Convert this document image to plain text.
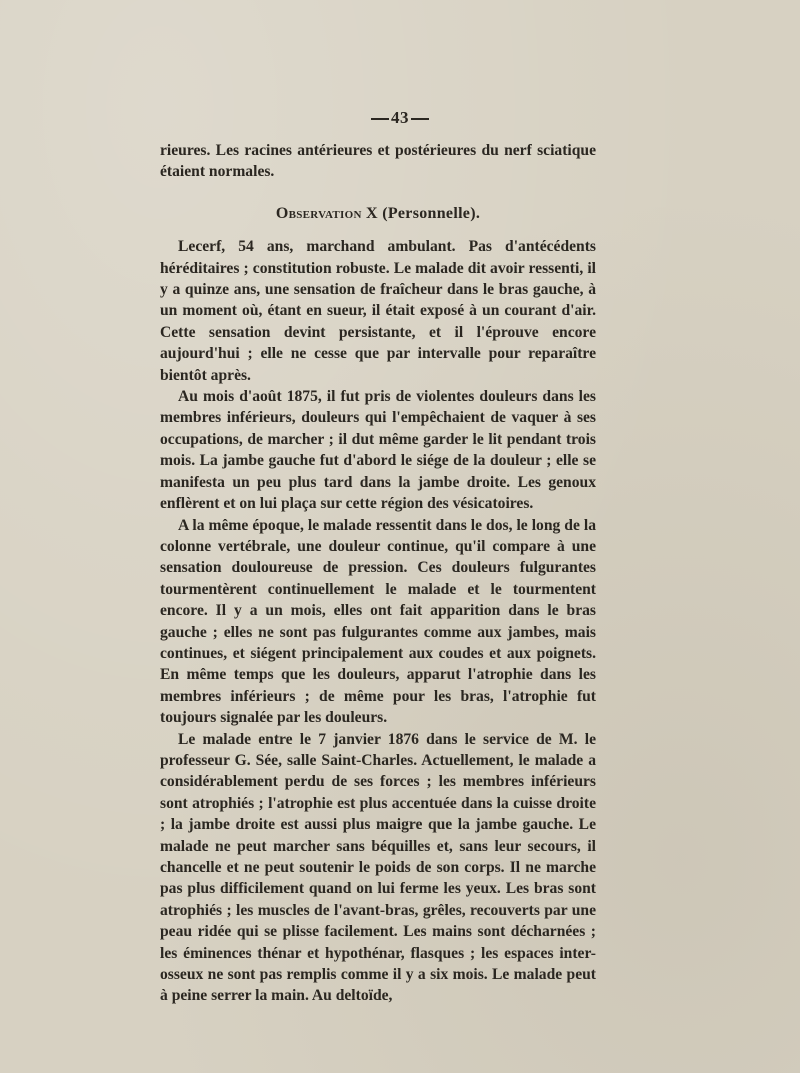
43

rieures. Les racines antérieures et postérieures du nerf sciatique étaient normales.

Observation X (Personnelle).

Lecerf, 54 ans, marchand ambulant. Pas d'antécédents héréditaires ; constitution robuste. Le malade dit avoir ressenti, il y a quinze ans, une sensation de fraîcheur dans le bras gauche, à un moment où, étant en sueur, il était exposé à un courant d'air. Cette sensation devint persistante, et il l'éprouve encore aujourd'hui ; elle ne cesse que par intervalle pour reparaître bientôt après.

Au mois d'août 1875, il fut pris de violentes douleurs dans les membres inférieurs, douleurs qui l'empêchaient de vaquer à ses occupations, de marcher ; il dut même garder le lit pendant trois mois. La jambe gauche fut d'abord le siége de la douleur ; elle se manifesta un peu plus tard dans la jambe droite. Les genoux enflèrent et on lui plaça sur cette région des vésicatoires.

A la même époque, le malade ressentit dans le dos, le long de la colonne vertébrale, une douleur continue, qu'il compare à une sensation douloureuse de pression. Ces douleurs fulgurantes tourmentèrent continuellement le malade et le tourmentent encore. Il y a un mois, elles ont fait apparition dans le bras gauche ; elles ne sont pas fulgurantes comme aux jambes, mais continues, et siégent principalement aux coudes et aux poignets. En même temps que les douleurs, apparut l'atrophie dans les membres inférieurs ; de même pour les bras, l'atrophie fut toujours signalée par les douleurs.

Le malade entre le 7 janvier 1876 dans le service de M. le professeur G. Sée, salle Saint-Charles. Actuellement, le malade a considérablement perdu de ses forces ; les membres inférieurs sont atrophiés ; l'atrophie est plus accentuée dans la cuisse droite ; la jambe droite est aussi plus maigre que la jambe gauche. Le malade ne peut marcher sans béquilles et, sans leur secours, il chancelle et ne peut soutenir le poids de son corps. Il ne marche pas plus difficilement quand on lui ferme les yeux. Les bras sont atrophiés ; les muscles de l'avant-bras, grêles, recouverts par une peau ridée qui se plisse facilement. Les mains sont décharnées ; les éminences thénar et hypothénar, flasques ; les espaces inter-osseux ne sont pas remplis comme il y a six mois. Le malade peut à peine serrer la main. Au deltoïde,
